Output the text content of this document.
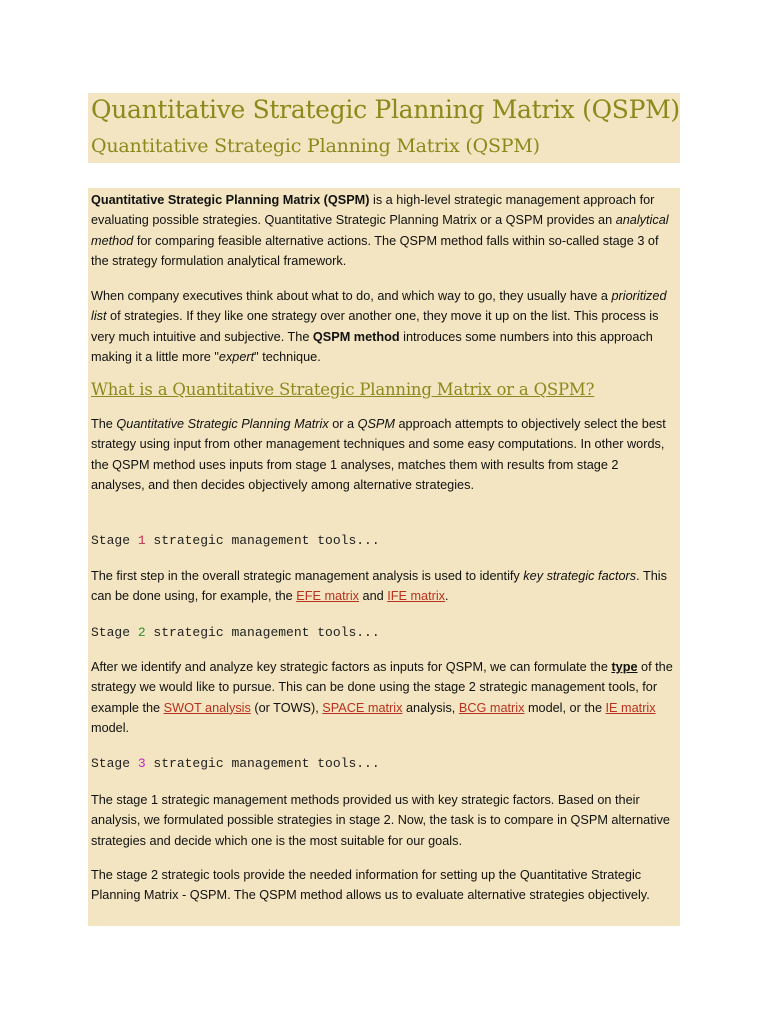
Quantitative Strategic Planning Matrix (QSPM)
Quantitative Strategic Planning Matrix (QSPM)

Quantitative Strategic Planning Matrix (QSPM) is a high-level strategic management approach for evaluating possible strategies. Quantitative Strategic Planning Matrix or a QSPM provides an analytical method for comparing feasible alternative actions. The QSPM method falls within so-called stage 3 of the strategy formulation analytical framework.

When company executives think about what to do, and which way to go, they usually have a prioritized list of strategies. If they like one strategy over another one, they move it up on the list. This process is very much intuitive and subjective. The QSPM method introduces some numbers into this approach making it a little more "expert" technique.

What is a Quantitative Strategic Planning Matrix or a QSPM?

The Quantitative Strategic Planning Matrix or a QSPM approach attempts to objectively select the best strategy using input from other management techniques and some easy computations. In other words, the QSPM method uses inputs from stage 1 analyses, matches them with results from stage 2 analyses, and then decides objectively among alternative strategies.

Stage 1 strategic management tools...

The first step in the overall strategic management analysis is used to identify key strategic factors. This can be done using, for example, the EFE matrix and IFE matrix.

Stage 2 strategic management tools...

After we identify and analyze key strategic factors as inputs for QSPM, we can formulate the type of the strategy we would like to pursue. This can be done using the stage 2 strategic management tools, for example the SWOT analysis (or TOWS), SPACE matrix analysis, BCG matrix model, or the IE matrix model.

Stage 3 strategic management tools...

The stage 1 strategic management methods provided us with key strategic factors. Based on their analysis, we formulated possible strategies in stage 2. Now, the task is to compare in QSPM alternative strategies and decide which one is the most suitable for our goals.

The stage 2 strategic tools provide the needed information for setting up the Quantitative Strategic Planning Matrix - QSPM. The QSPM method allows us to evaluate alternative strategies objectively.
